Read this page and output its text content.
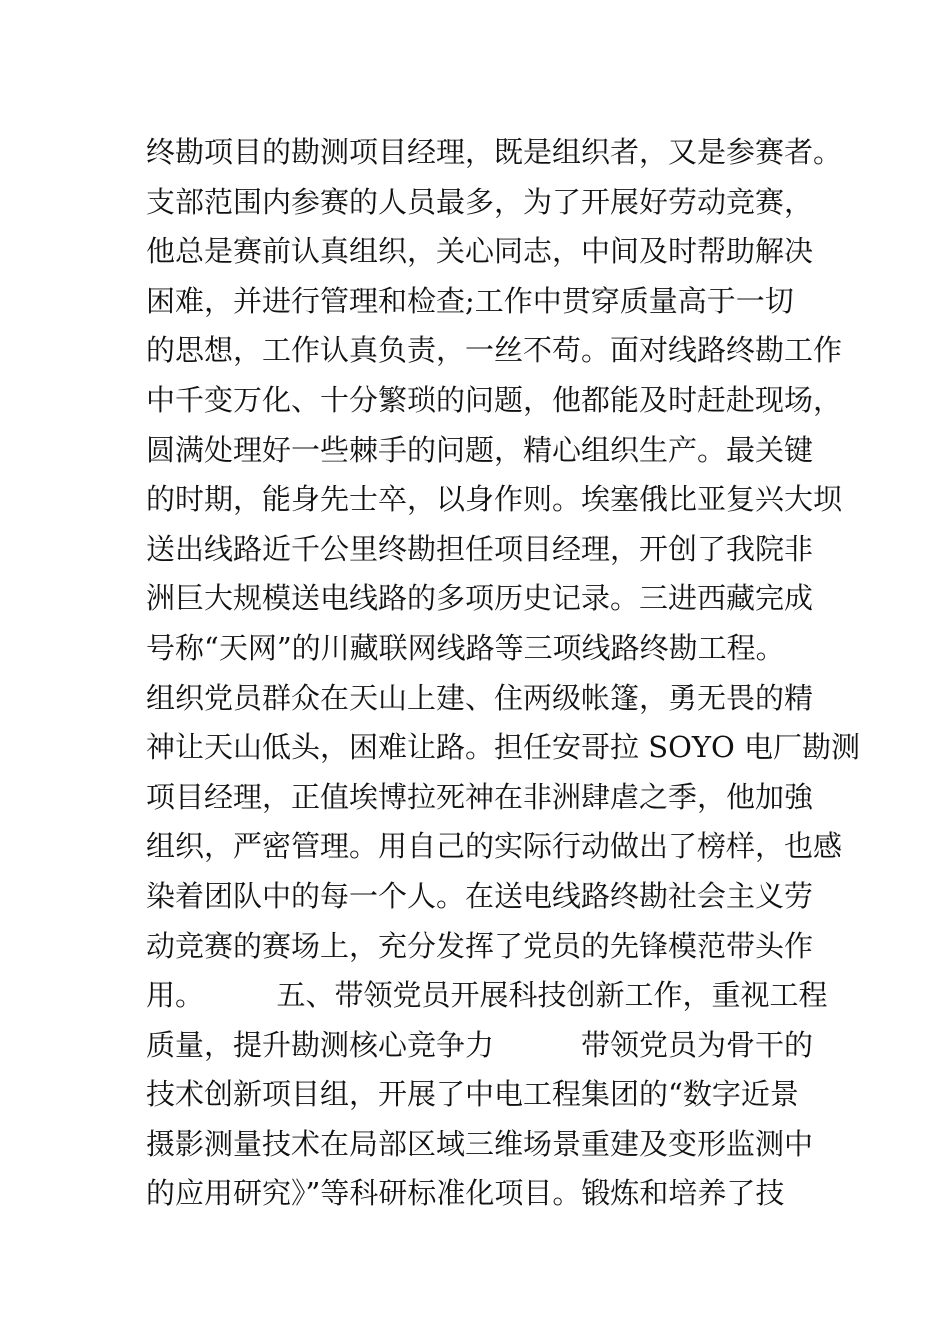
终勘项目的勘测项目经理，既是组织者，又是参赛者。
支部范围内参赛的人员最多，为了开展好劳动竞赛，
他总是赛前认真组织，关心同志，中间及时帮助解决
困难，并进行管理和检查;工作中贯穿质量高于一切
的思想，工作认真负责，一丝不苟。面对线路终勘工作
中千变万化、十分繁琐的问题，他都能及时赶赴现场，
圆满处理好一些棘手的问题，精心组织生产。最关键
的时期，能身先士卒，以身作则。埃塞俄比亚复兴大坝
送出线路近千公里终勘担任项目经理，开创了我院非
洲巨大规模送电线路的多项历史记录。三进西藏完成
号称“天网”的川藏联网线路等三项线路终勘工程。
组织党员群众在天山上建、住两级帐篷，勇无畏的精
神让天山低头，困难让路。担任安哥拉 SOYO 电厂勘测
项目经理，正值埃博拉死神在非洲肆虐之季，他加強
组织，严密管理。用自己的实际行动做出了榜样，也感
染着团队中的每一个人。在送电线路终勘社会主义劳
动竞赛的赛场上，充分发挥了党员的先锋模范带头作
用。　　　五、带领党员开展科技创新工作，重视工程
质量，提升勘测核心竞争力　　　带领党员为骨干的
技术创新项目组，开展了中电工程集团的“数字近景
摄影测量技术在局部区域三维场景重建及变形监测中
的应用研究》”等科研标准化项目。锻炼和培养了技
